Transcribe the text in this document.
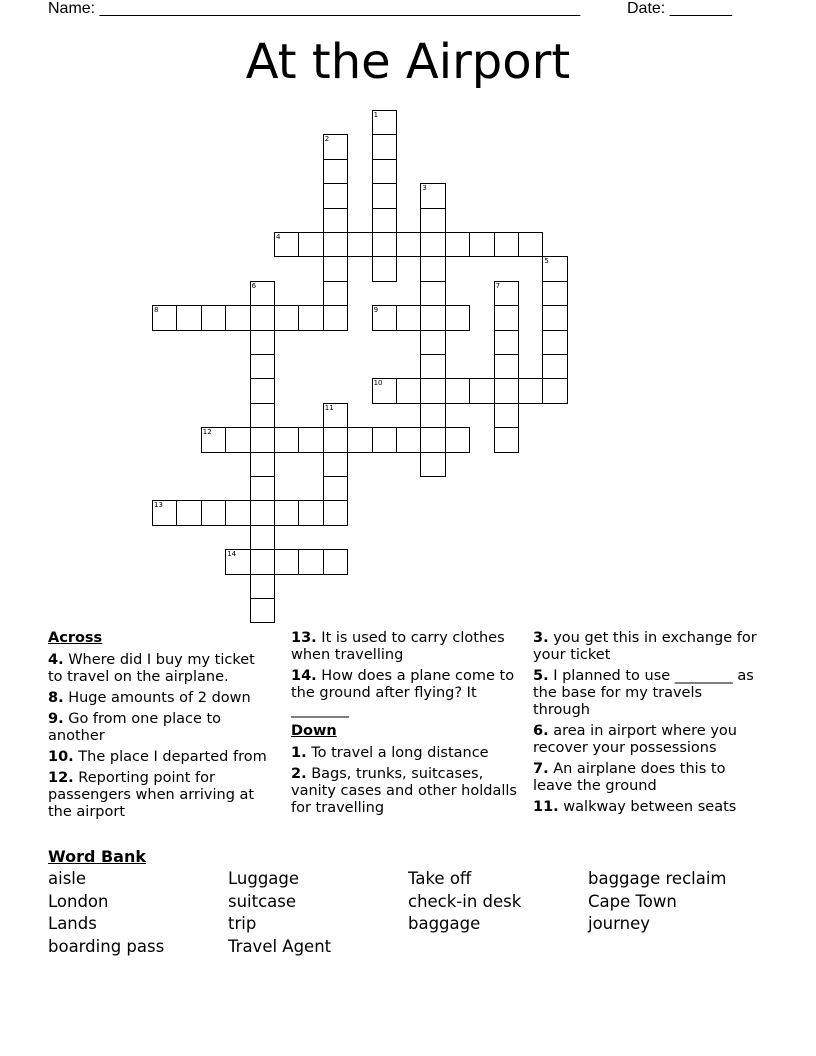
Name: ______________________________________________________	Date: _______
At the Airport
1
2
3
4
5
6	7
8	9
10
11
12
13
14
Across
4. Where did I buy my ticket to travel on the airplane.
8. Huge amounts of 2 down
9. Go from one place to another
10. The place I departed from
12. Reporting point for passengers when arriving at the airport
13. It is used to carry clothes when travelling
14. How does a plane come to the ground after flying? It ________
Down
1. To travel a long distance
2. Bags, trunks, suitcases, vanity cases and other holdalls for travelling
3. you get this in exchange for your ticket
5. I planned to use ________ as the base for my travels through
6. area in airport where you recover your possessions
7. An airplane does this to leave the ground
11. walkway between seats
Word Bank
aisle
London
Lands
boarding pass
Luggage
suitcase
trip
Travel Agent
Take off
check-in desk
baggage
baggage reclaim
Cape Town
journey
